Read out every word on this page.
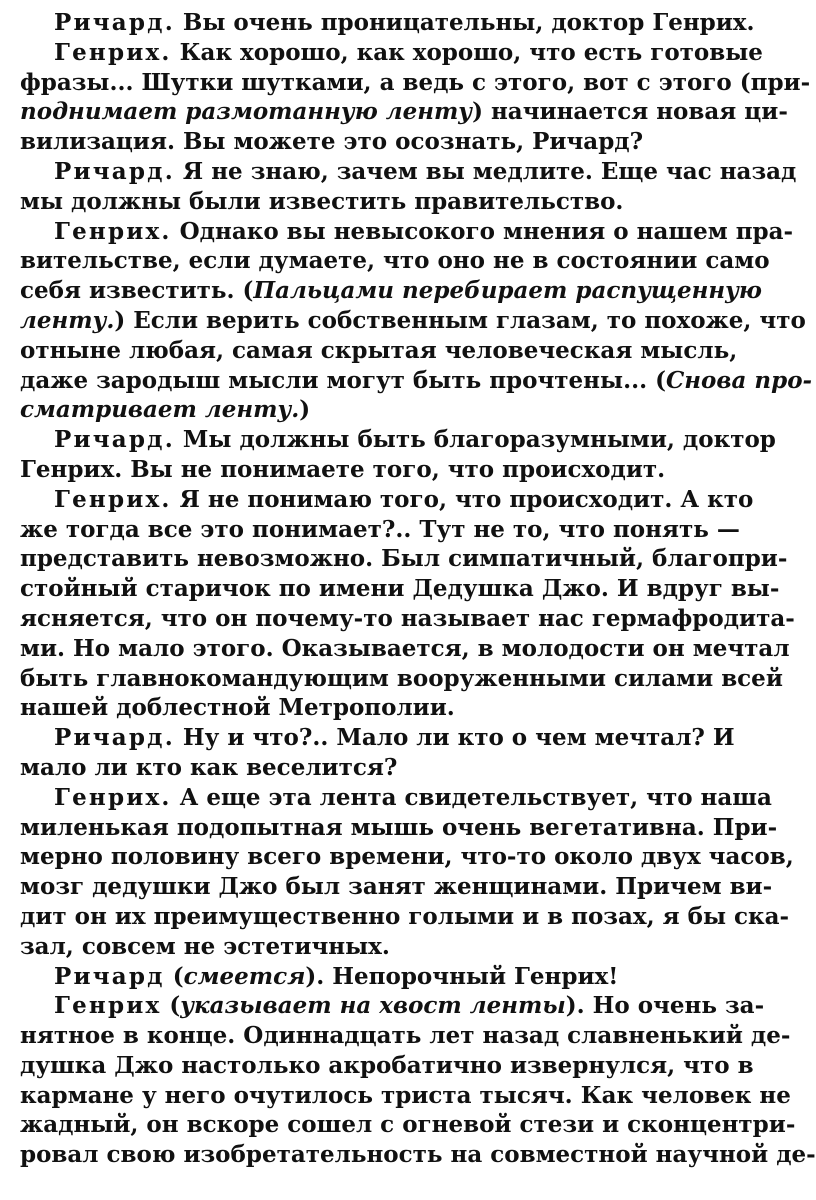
Ричард. Вы очень проницательны, доктор Генрих.
Генрих. Как хорошо, как хорошо, что есть готовые
фразы... Шутки шутками, а ведь с этого, вот с этого (при-
поднимает размотанную ленту) начинается новая ци-
вилизация. Вы можете это осознать, Ричард?
Ричард. Я не знаю, зачем вы медлите. Еще час назад
мы должны были известить правительство.
Генрих. Однако вы невысокого мнения о нашем пра-
вительстве, если думаете, что оно не в состоянии само
себя известить. (Пальцами перебирает распущенную
ленту.) Если верить собственным глазам, то похоже, что
отныне любая, самая скрытая человеческая мысль,
даже зародыш мысли могут быть прочтены... (Снова про-
сматривает ленту.)
Ричард. Мы должны быть благоразумными, доктор
Генрих. Вы не понимаете того, что происходит.
Генрих. Я не понимаю того, что происходит. А кто
же тогда все это понимает?.. Тут не то, что понять —
представить невозможно. Был симпатичный, благопри-
стойный старичок по имени Дедушка Джо. И вдруг вы-
ясняется, что он почему-то называет нас гермафродита-
ми. Но мало этого. Оказывается, в молодости он мечтал
быть главнокомандующим вооруженными силами всей
нашей доблестной Метрополии.
Ричард. Ну и что?.. Мало ли кто о чем мечтал? И
мало ли кто как веселится?
Генрих. А еще эта лента свидетельствует, что наша
миленькая подопытная мышь очень вегетативна. При-
мерно половину всего времени, что-то около двух часов,
мозг дедушки Джо был занят женщинами. Причем ви-
дит он их преимущественно голыми и в позах, я бы ска-
зал, совсем не эстетичных.
Ричард (смеется). Непорочный Генрих!
Генрих (указывает на хвост ленты). Но очень за-
нятное в конце. Одиннадцать лет назад славненький де-
душка Джо настолько акробатично извернулся, что в
кармане у него очутилось триста тысяч. Как человек не
жадный, он вскоре сошел с огневой стези и сконцентри-
ровал свою изобретательность на совместной научной де-
